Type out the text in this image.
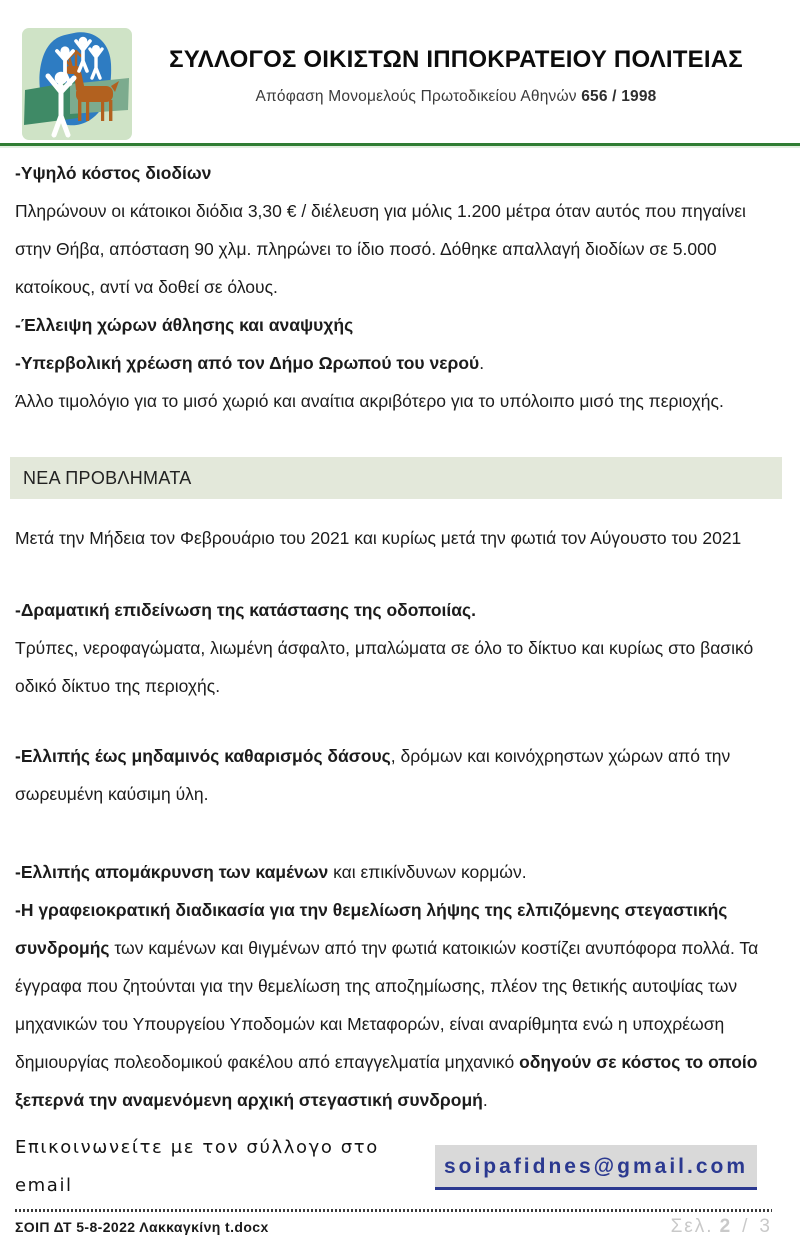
ΣΥΛΛΟΓΟΣ ΟΙΚΙΣΤΩΝ ΙΠΠΟΚΡΑΤΕΙΟΥ ΠΟΛΙΤΕΙΑΣ
Απόφαση Μονομελούς Πρωτοδικείου Αθηνών 656 / 1998

-Υψηλό κόστος διοδίων

Πληρώνουν οι κάτοικοι διόδια 3,30 € / διέλευση για μόλις 1.200 μέτρα όταν αυτός που πηγαίνει στην Θήβα, απόσταση 90 χλμ. πληρώνει το ίδιο ποσό. Δόθηκε απαλλαγή διοδίων σε 5.000 κατοίκους, αντί να δοθεί σε όλους.

-Έλλειψη χώρων άθλησης και αναψυχής

-Υπερβολική χρέωση από τον Δήμο Ωρωπού του νερού.

Άλλο τιμολόγιο για το μισό χωριό και αναίτια ακριβότερο για το υπόλοιπο μισό της περιοχής.

ΝΕΑ ΠΡΟΒΛΗΜΑΤΑ

Μετά την Μήδεια τον Φεβρουάριο του 2021 και κυρίως μετά την φωτιά τον Αύγουστο του 2021

-Δραματική επιδείνωση της κατάστασης της οδοποιίας.

Τρύπες, νεροφαγώματα, λιωμένη άσφαλτο, μπαλώματα σε όλο το δίκτυο και κυρίως στο βασικό οδικό δίκτυο της περιοχής.

-Ελλιπής έως μηδαμινός καθαρισμός δάσους, δρόμων και κοινόχρηστων χώρων από την σωρευμένη καύσιμη ύλη.

-Ελλιπής απομάκρυνση των καμένων και επικίνδυνων κορμών.

-Η γραφειοκρατική διαδικασία για την θεμελίωση λήψης της ελπιζόμενης στεγαστικής συνδρομής των καμένων και θιγμένων από την φωτιά κατοικιών κοστίζει ανυπόφορα πολλά. Τα έγγραφα που ζητούνται για την θεμελίωση της αποζημίωσης, πλέον της θετικής αυτοψίας των μηχανικών του Υπουργείου Υποδομών και Μεταφορών, είναι αναρίθμητα ενώ η υποχρέωση δημιουργίας πολεοδομικού φακέλου από επαγγελματία μηχανικό οδηγούν σε κόστος το οποίο ξεπερνά την αναμενόμενη αρχική στεγαστική συνδρομή.

Επικοινωνείτε με τον σύλλογο στο email
soipafidnes@gmail.com
ΣΟΙΠ ΔΤ 5-8-2022 Λακκαγκίνη t.docx	Σελ. 2 / 3
